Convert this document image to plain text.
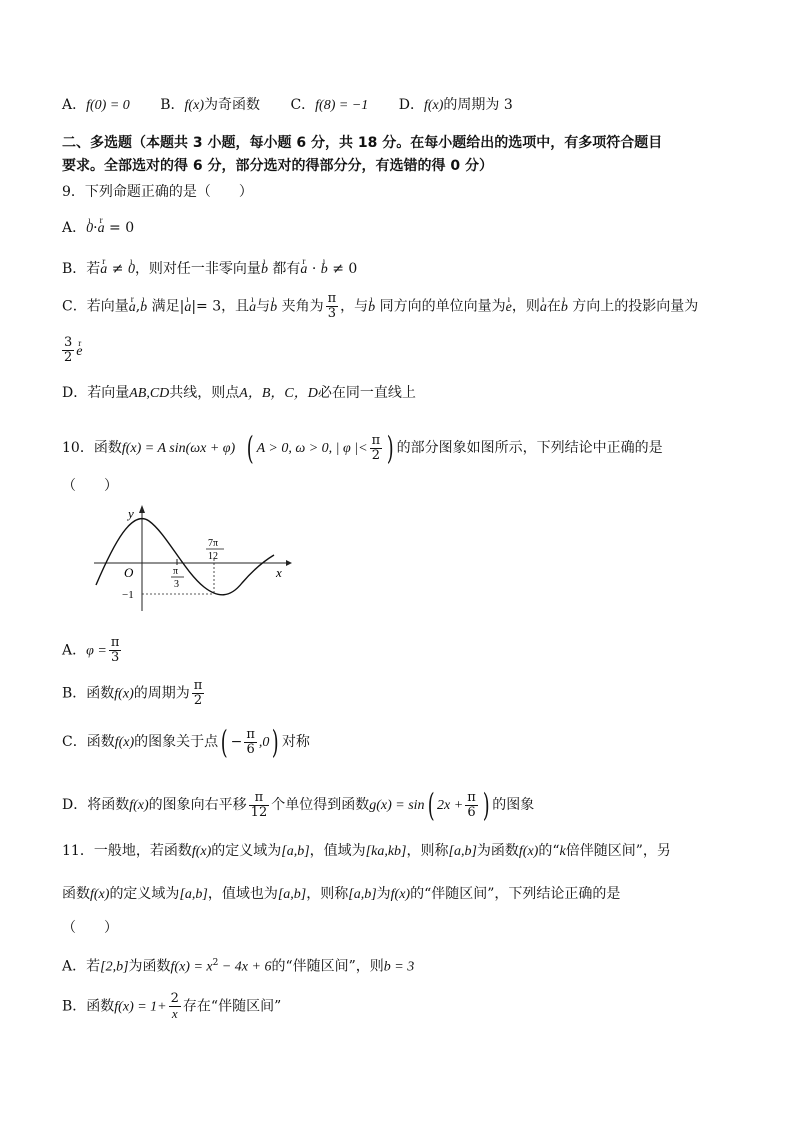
A．f(0) = 0 B．f(x)为奇函数 C．f(8) = −1 D．f(x)的周期为 3
二、多选题（本题共 3 小题，每小题 6 分，共 18 分。在每小题给出的选项中，有多项符合题目
要求。全部选对的得 6 分，部分选对的得部分分，有选错的得 0 分）
9．下列命题正确的是（　　）
A．ı 0·r a = 0
B．若r a ≠ ı 0，则对任一非零向量ı b 都有r a · ı b ≠ 0
C．若向量r a,ı b 满足|ı a|= 3，且ı a与ı b 夹角为 $\frac{\pi}{3}$ ，与ı b 同方向的单位向量为ı e，则ı a在ı b 方向上的投影向量为
$\frac{3}{2}$
r e
D．若向量AB,CD共线，则点A，B，C，D必在同一直线上
10．函数f(x) = A sin(ωx + φ) ( A > 0, ω > 0, | φ |< $\frac{\pi}{2}$ ) 的部分图象如图所示，下列结论中正确的是
（　　）
y
x
O	π
3
7π
12
−1
A．$\varphi = \frac{\pi}{3}$
B．函数f(x)的周期为 $\frac{\pi}{2}$
C．函数f(x)的图象关于点( − $\frac{\pi}{6} ,0$) 对称
D．将函数f(x)的图象向右平移 $\frac{\pi}{12}$ 个单位得到函数g(x) = sin( $2x + \frac{\pi}{6}$ ) 的图象
11．一般地，若函数f(x)的定义域为[a,b]，值域为[ka,kb]，则称[a,b]为函数f(x)的“k倍伴随区间”，另
函数f(x)的定义域为[a,b]，值域也为[a,b]，则称[a,b]为f(x)的“伴随区间”，下列结论正确的是
（　　）
A．若[2,b]为函数$f(x) = x^2 - 4x + 6$的“伴随区间”，则b = 3
B．函数$f(x) = 1+ \frac{2}{x}$ 存在“伴随区间”
